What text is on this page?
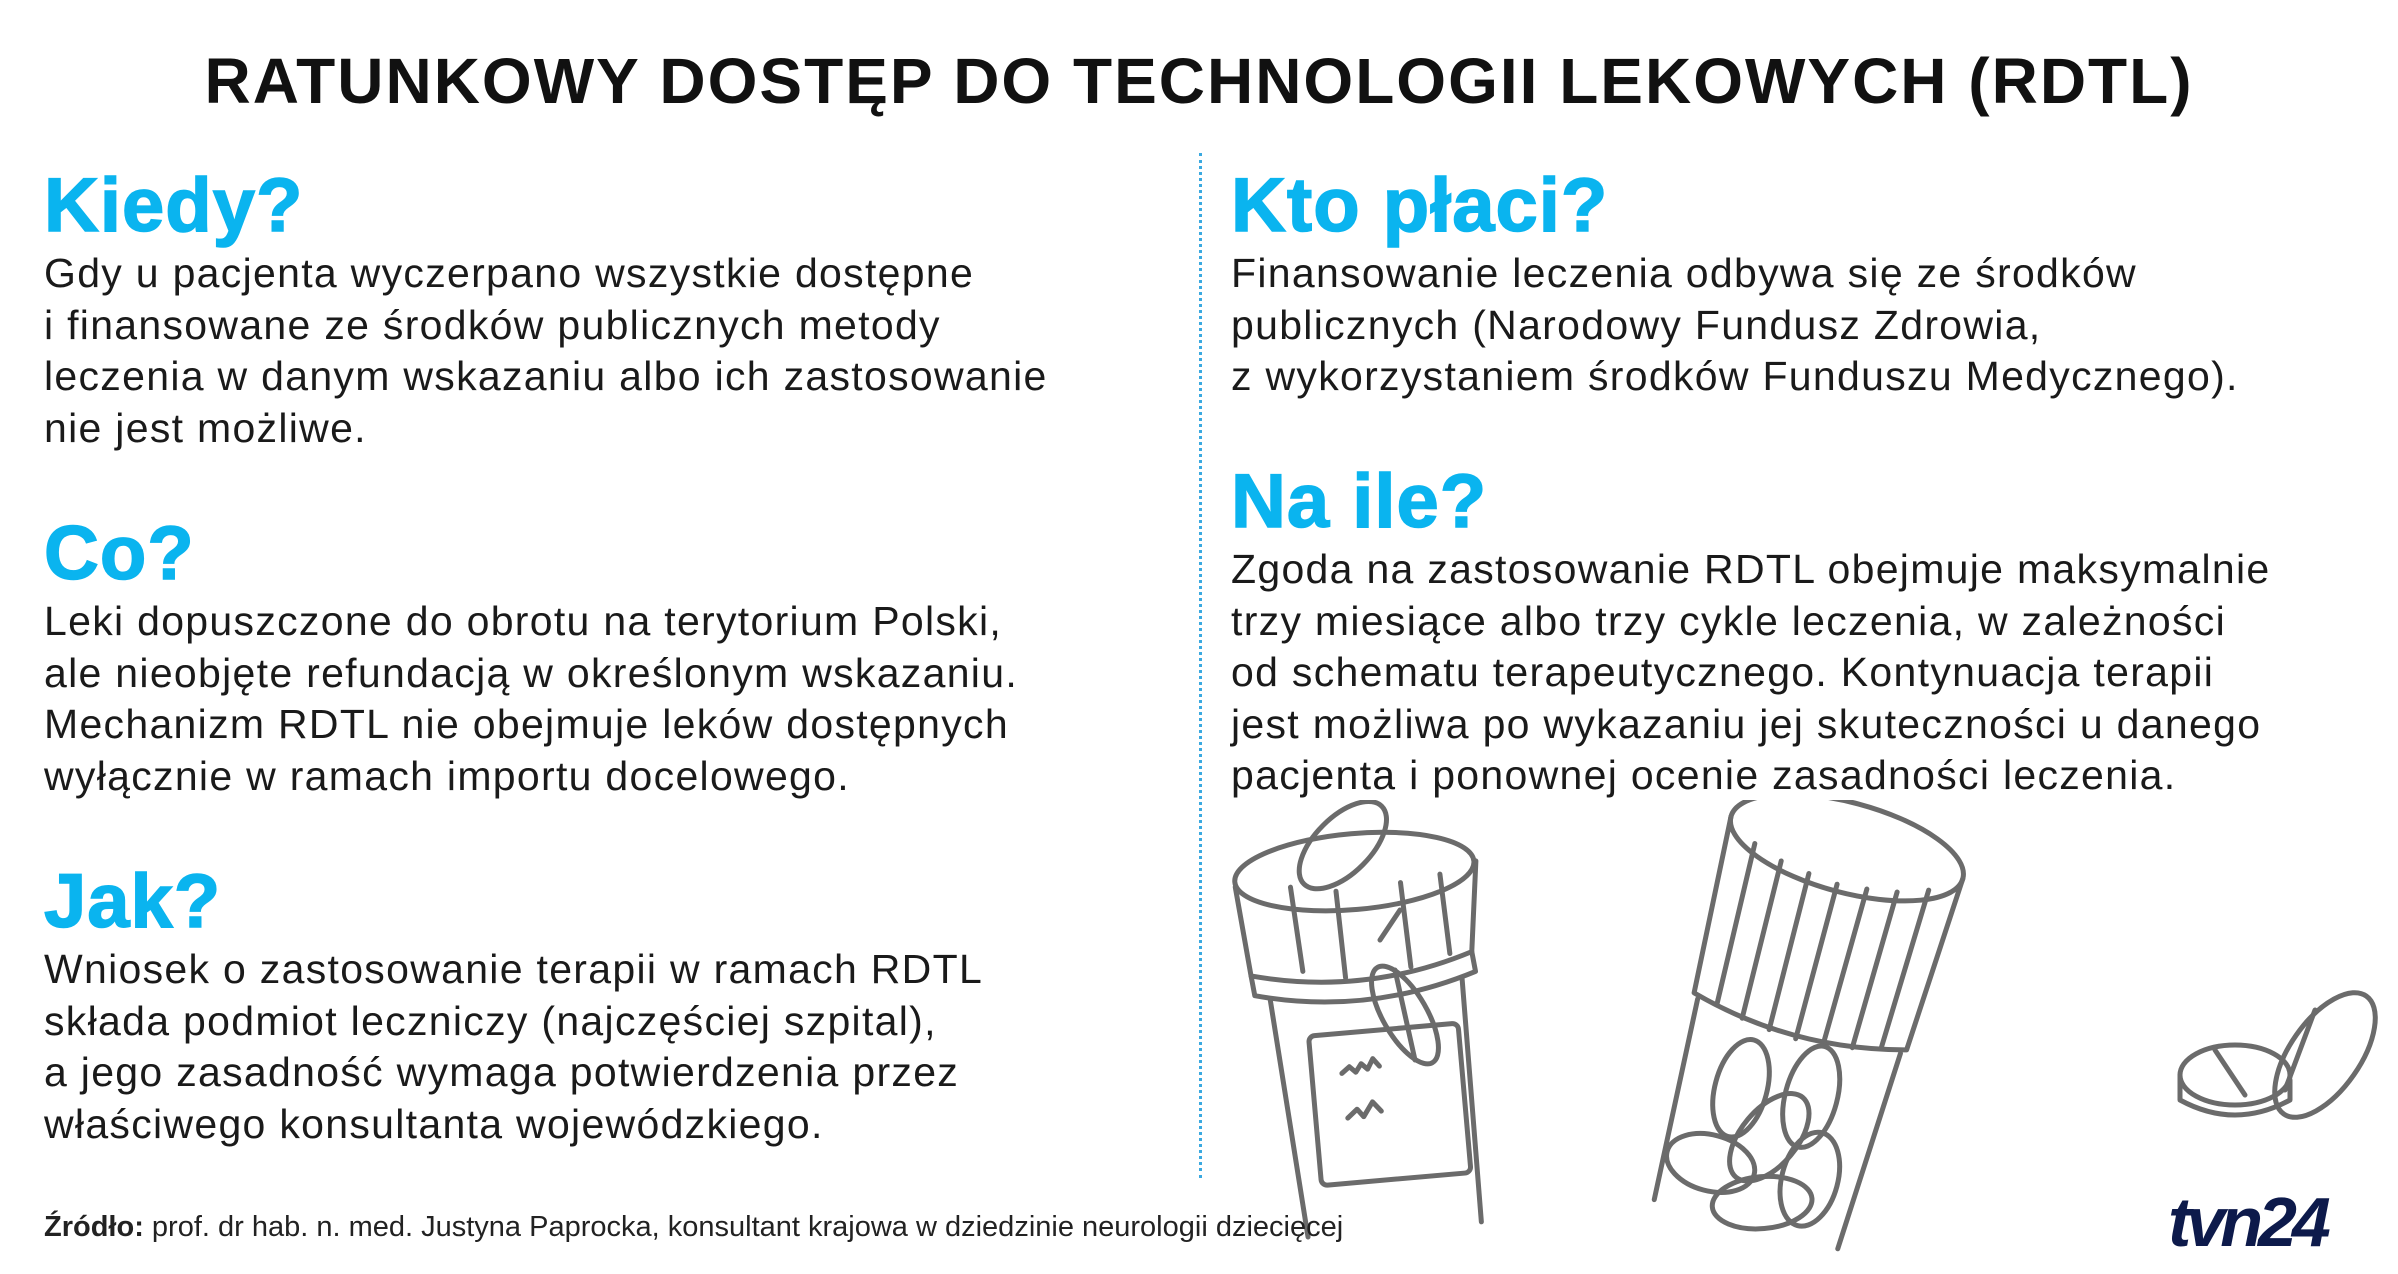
RATUNKOWY DOSTĘP DO TECHNOLOGII LEKOWYCH (RDTL)
Kiedy?
Gdy u pacjenta wyczerpano wszystkie dostępne
i finansowane ze środków publicznych metody
leczenia w danym wskazaniu albo ich zastosowanie
nie jest możliwe.
Co?
Leki dopuszczone do obrotu na terytorium Polski,
ale nieobjęte refundacją w określonym wskazaniu.
Mechanizm RDTL nie obejmuje leków dostępnych
wyłącznie w ramach importu docelowego.
Jak?
Wniosek o zastosowanie terapii w ramach RDTL
składa podmiot leczniczy (najczęściej szpital),
a jego zasadność wymaga potwierdzenia przez
właściwego konsultanta wojewódzkiego.
Kto płaci?
Finansowanie leczenia odbywa się ze środków
publicznych (Narodowy Fundusz Zdrowia,
z wykorzystaniem środków Funduszu Medycznego).
Na ile?
Zgoda na zastosowanie RDTL obejmuje maksymalnie
trzy miesiące albo trzy cykle leczenia, w zależności
od schematu terapeutycznego. Kontynuacja terapii
jest możliwa po wykazaniu jej skuteczności u danego
pacjenta i ponownej ocenie zasadności leczenia.
Źródło: prof. dr hab. n. med. Justyna Paprocka, konsultant krajowa w dziedzinie neurologii dziecięcej	tvn24
